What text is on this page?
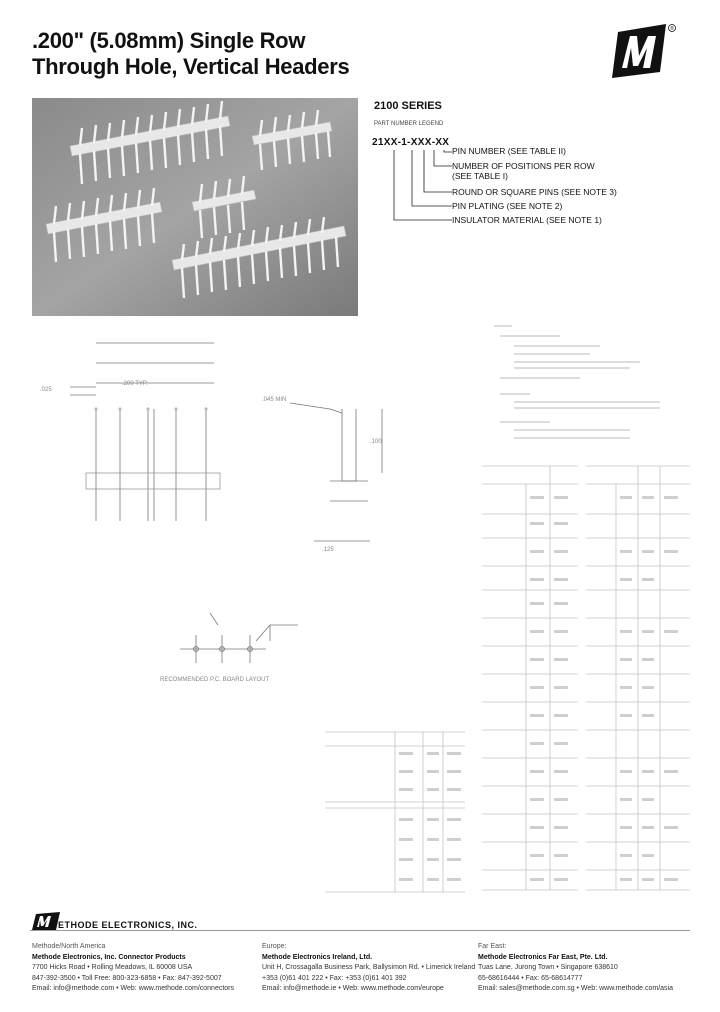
.200" (5.08mm) Single Row
Through Hole, Vertical Headers
®
2100 SERIES
PART NUMBER LEGEND
21XX-1-XXX-XX
PIN NUMBER (SEE TABLE II)
NUMBER OF POSITIONS PER ROW
(SEE TABLE I)
ROUND OR SQUARE PINS (SEE NOTE 3)
PIN PLATING (SEE NOTE 2)
INSULATOR MATERIAL (SEE NOTE 1)
.200 TYP.
.025
.045 MIN
.125
.100
RECOMMENDED P.C. BOARD LAYOUT
ETHODE ELECTRONICS, INC.
Methode/North America
Methode Electronics, Inc. Connector Products
7700 Hicks Road • Rolling Meadows, IL 60008 USA
847-392-3500 • Toll Free: 800-323-6858 • Fax: 847-392-5007
Email: info@methode.com • Web: www.methode.com/connectors
Europe:
Methode Electronics Ireland, Ltd.
Unit H, Crossagalla Business Park, Ballysimon Rd. • Limerick Ireland
+353 (0)61 401 222 • Fax: +353 (0)61 401 392
Email: info@methode.ie • Web: www.methode.com/europe
Far East:
Methode Electronics Far East, Pte. Ltd.
Tuas Lane, Jurong Town • Singapore 638610
65-68616444 • Fax: 65-68614777
Email: sales@methode.com.sg • Web: www.methode.com/asia
